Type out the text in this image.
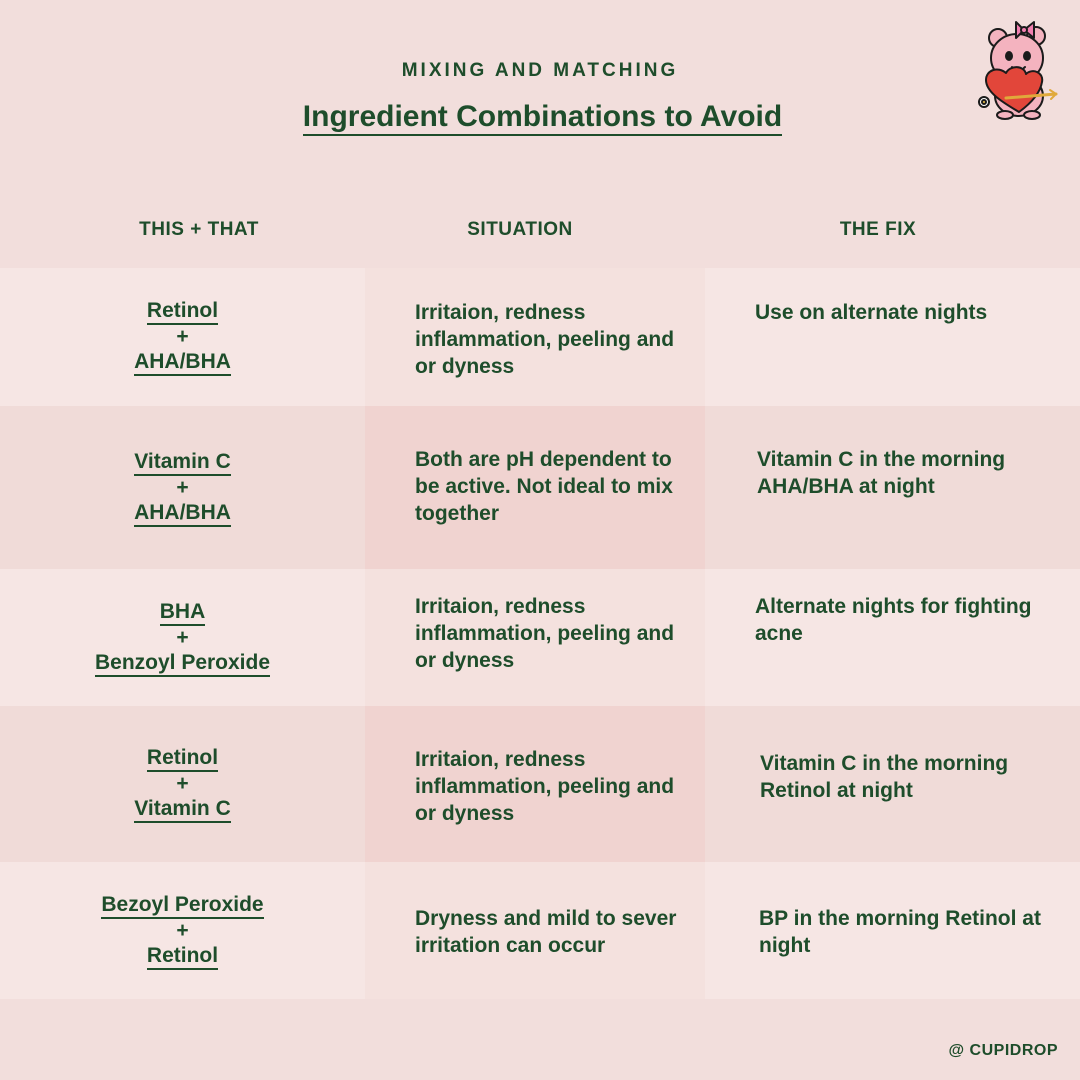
MIXING AND MATCHING
Ingredient Combinations to Avoid
THIS + THAT	SITUATION	THE FIX
Retinol
+
AHA/BHA
Irritaion, redness inflammation, peeling and or dyness
Use on alternate nights
Vitamin C
+
AHA/BHA
Both are pH dependent to be active. Not ideal to mix together
Vitamin C in the morning AHA/BHA at night
BHA
+
Benzoyl Peroxide
Irritaion, redness inflammation, peeling and or dyness
Alternate nights for fighting acne
Retinol
+
Vitamin C
Irritaion, redness inflammation, peeling and or dyness
Vitamin C in the morning Retinol at night
Bezoyl Peroxide
+
Retinol
Dryness and mild to sever irritation can occur
BP in the morning Retinol at night
@ CUPIDROP
